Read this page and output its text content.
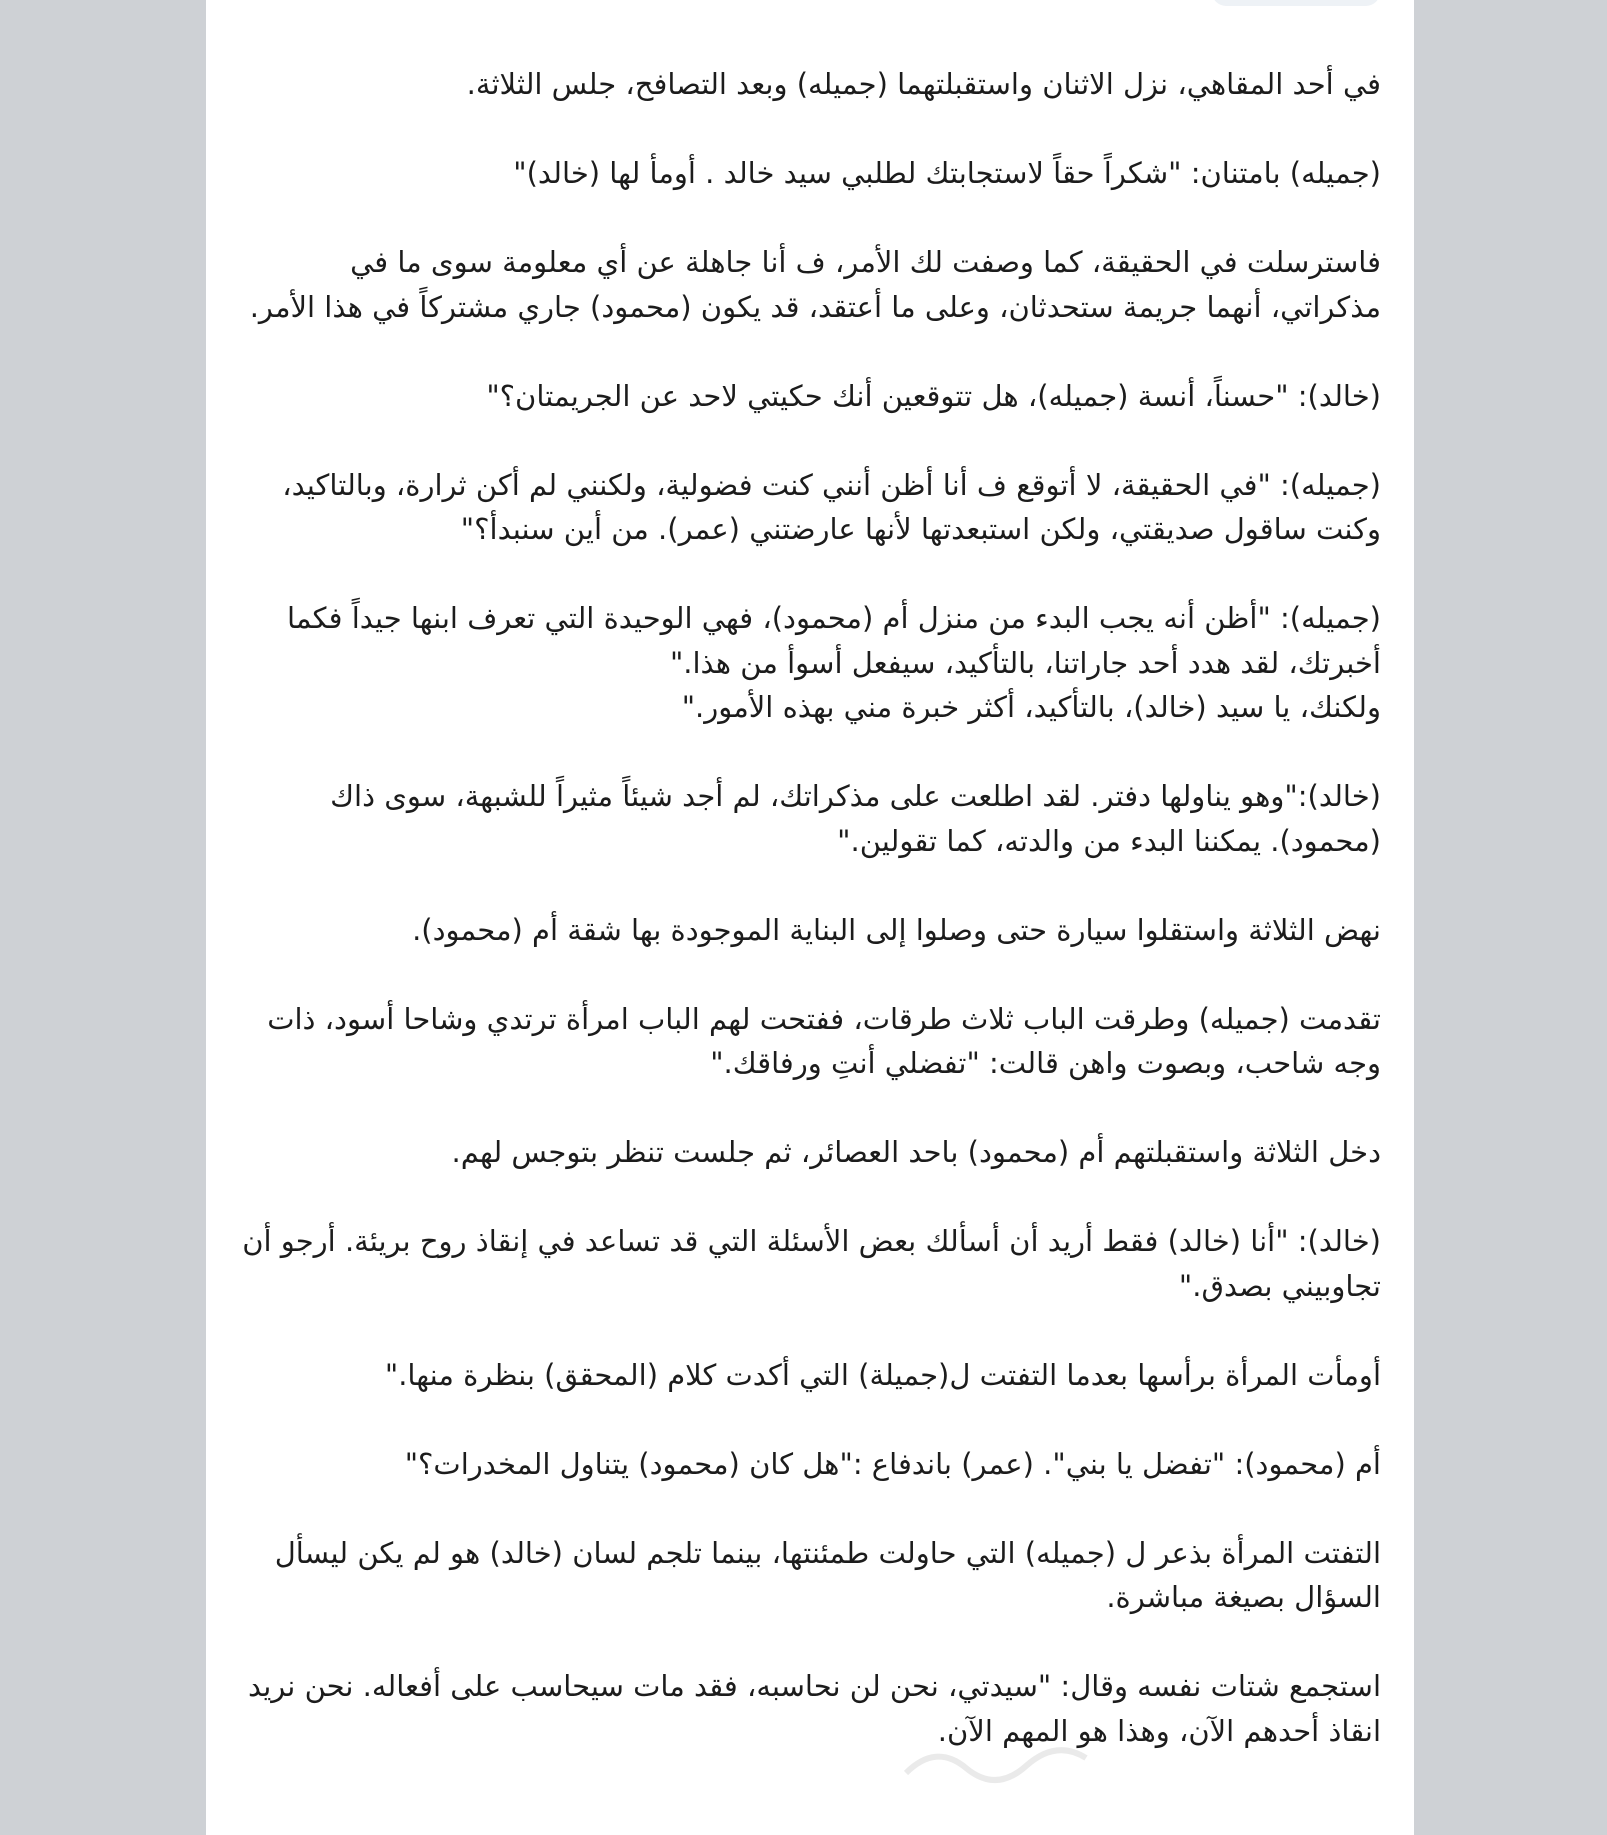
في أحد المقاهي، نزل الاثنان واستقبلتهما (جميله) وبعد التصافح، جلس الثلاثة.

(جميله) بامتنان: "شكراً حقاً لاستجابتك لطلبي سيد خالد . أومأ لها (خالد)"

فاسترسلت في الحقيقة، كما وصفت لك الأمر، ف أنا جاهلة عن أي معلومة سوى ما في مذكراتي، أنهما جريمة ستحدثان، وعلى ما أعتقد، قد يكون (محمود) جاري مشتركاً في هذا الأمر.

(خالد): "حسناً، أنسة (جميله)، هل تتوقعين أنك حكيتي لاحد عن الجريمتان؟"

(جميله): "في الحقيقة، لا أتوقع ف أنا أظن أنني كنت فضولية، ولكنني لم أكن ثرارة، وبالتاكيد، وكنت ساقول صديقتي، ولكن استبعدتها لأنها عارضتني (عمر). من أين سنبدأ؟"

(جميله): "أظن أنه يجب البدء من منزل أم (محمود)، فهي الوحيدة التي تعرف ابنها جيداً فكما أخبرتك، لقد هدد أحد جاراتنا، بالتأكيد، سيفعل أسوأ من هذا."
ولكنك، يا سيد (خالد)، بالتأكيد، أكثر خبرة مني بهذه الأمور."

(خالد):"وهو يناولها دفتر. لقد اطلعت على مذكراتك، لم أجد شيئاً مثيراً للشبهة، سوى ذاك (محمود). يمكننا البدء من والدته، كما تقولين."

نهض الثلاثة واستقلوا سيارة حتى وصلوا إلى البناية الموجودة بها شقة أم (محمود).

تقدمت (جميله) وطرقت الباب ثلاث طرقات، ففتحت لهم الباب امرأة ترتدي وشاحا أسود، ذات وجه شاحب، وبصوت واهن قالت: "تفضلي أنتِ ورفاقك."

دخل الثلاثة واستقبلتهم أم (محمود) باحد العصائر، ثم جلست تنظر بتوجس لهم.

(خالد): "أنا (خالد) فقط أريد أن أسألك بعض الأسئلة التي قد تساعد في إنقاذ روح بريئة. أرجو أن تجاوبيني بصدق."

أومأت المرأة برأسها بعدما التفتت ل(جميلة) التي أكدت كلام (المحقق) بنظرة منها."

أم (محمود): "تفضل يا بني". (عمر) باندفاع :"هل كان (محمود) يتناول المخدرات؟"

التفتت المرأة بذعر ل (جميله) التي حاولت طمئنتها، بينما تلجم لسان (خالد) هو لم يكن ليسأل السؤال بصيغة مباشرة.

استجمع شتات نفسه وقال: "سيدتي، نحن لن نحاسبه، فقد مات سيحاسب على أفعاله. نحن نريد انقاذ أحدهم الآن، وهذا هو المهم الآن.
